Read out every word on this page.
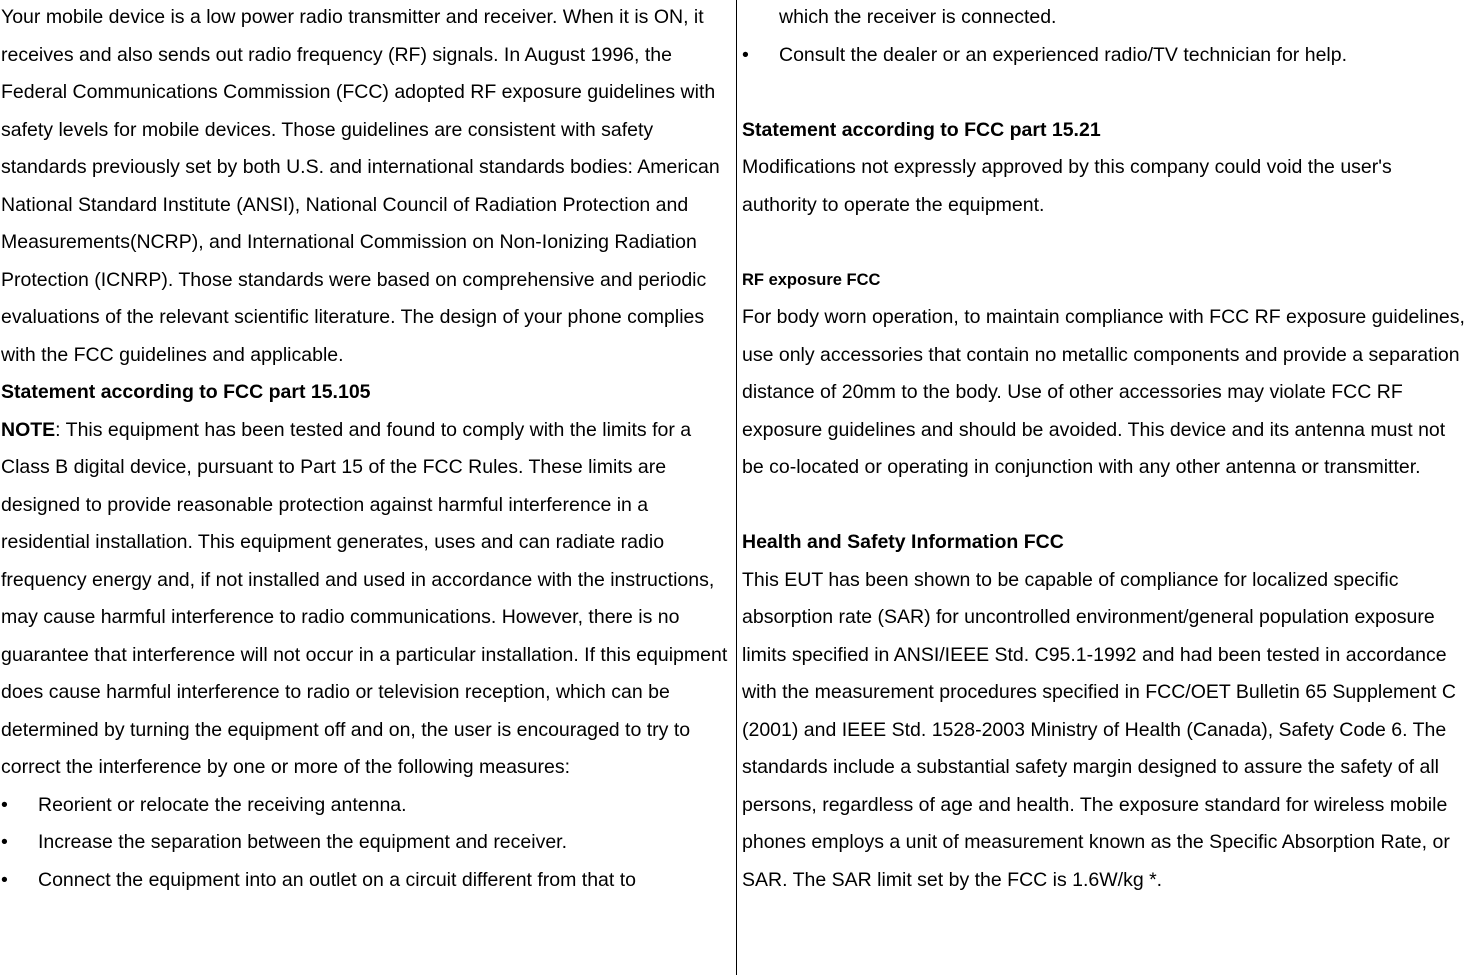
Your mobile device is a low power radio transmitter and receiver. When it is ON, it receives and also sends out radio frequency (RF) signals. In August 1996, the Federal Communications Commission (FCC) adopted RF exposure guidelines with safety levels for mobile devices. Those guidelines are consistent with safety standards previously set by both U.S. and international standards bodies: American National Standard Institute (ANSI), National Council of Radiation Protection and Measurements(NCRP), and International Commission on Non-Ionizing Radiation Protection (ICNRP). Those standards were based on comprehensive and periodic evaluations of the relevant scientific literature. The design of your phone complies with the FCC guidelines and applicable.

Statement according to FCC part 15.105

NOTE: This equipment has been tested and found to comply with the limits for a Class B digital device, pursuant to Part 15 of the FCC Rules. These limits are designed to provide reasonable protection against harmful interference in a residential installation. This equipment generates, uses and can radiate radio frequency energy and, if not installed and used in accordance with the instructions, may cause harmful interference to radio communications. However, there is no guarantee that interference will not occur in a particular installation. If this equipment does cause harmful interference to radio or television reception, which can be determined by turning the equipment off and on, the user is encouraged to try to correct the interference by one or more of the following measures:

• Reorient or relocate the receiving antenna.

• Increase the separation between the equipment and receiver.

• Connect the equipment into an outlet on a circuit different from that to

which the receiver is connected.

• Consult the dealer or an experienced radio/TV technician for help.

Statement according to FCC part 15.21

Modifications not expressly approved by this company could void the user's authority to operate the equipment.

RF exposure FCC

For body worn operation, to maintain compliance with FCC RF exposure guidelines, use only accessories that contain no metallic components and provide a separation distance of 20mm to the body. Use of other accessories may violate FCC RF exposure guidelines and should be avoided. This device and its antenna must not be co-located or operating in conjunction with any other antenna or transmitter.

Health and Safety Information FCC

This EUT has been shown to be capable of compliance for localized specific absorption rate (SAR) for uncontrolled environment/general population exposure limits specified in ANSI/IEEE Std. C95.1-1992 and had been tested in accordance with the measurement procedures specified in FCC/OET Bulletin 65 Supplement C (2001) and IEEE Std. 1528-2003 Ministry of Health (Canada), Safety Code 6. The standards include a substantial safety margin designed to assure the safety of all persons, regardless of age and health. The exposure standard for wireless mobile phones employs a unit of measurement known as the Specific Absorption Rate, or SAR. The SAR limit set by the FCC is 1.6W/kg *.
